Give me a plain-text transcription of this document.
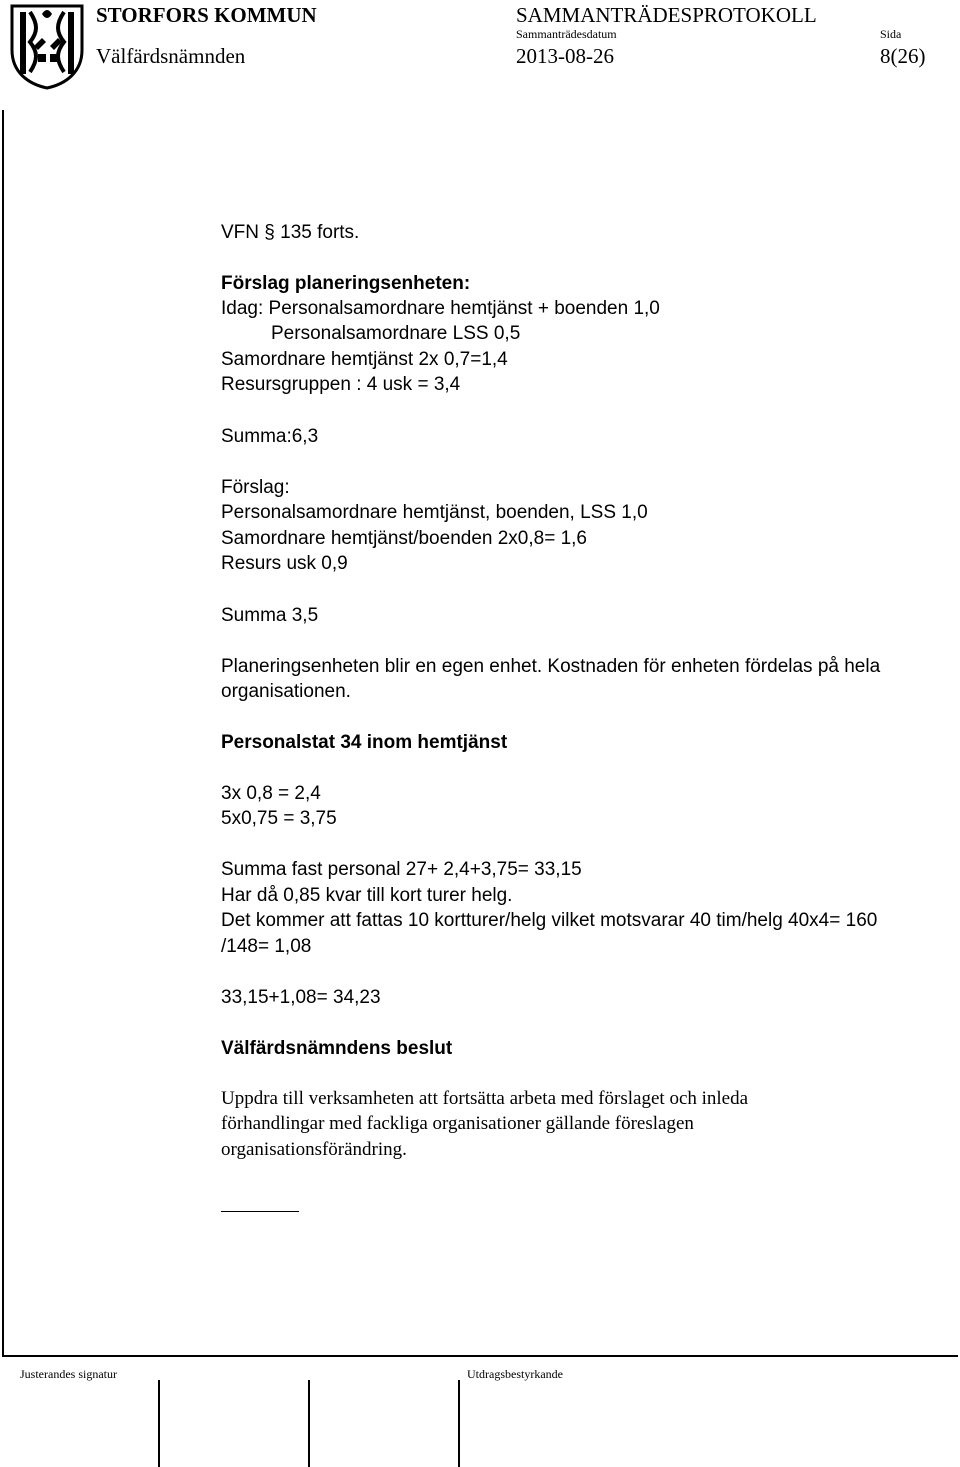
STORFORS KOMMUN
Välfärdsnämnden
SAMMANTRÄDESPROTOKOLL
Sammanträdesdatum
2013-08-26
Sida
8(26)
VFN § 135 forts.
Förslag planeringsenheten:
Idag: Personalsamordnare hemtjänst + boenden 1,0
Personalsamordnare LSS 0,5
Samordnare hemtjänst 2x 0,7=1,4
Resursgruppen : 4 usk = 3,4
Summa:6,3
Förslag:
Personalsamordnare hemtjänst, boenden, LSS 1,0
Samordnare hemtjänst/boenden 2x0,8= 1,6
Resurs usk 0,9
Summa 3,5
Planeringsenheten blir en egen enhet. Kostnaden för enheten fördelas på hela
organisationen.
Personalstat 34 inom hemtjänst
3x 0,8 = 2,4
5x0,75 = 3,75
Summa fast personal 27+ 2,4+3,75= 33,15
Har då 0,85 kvar till kort turer helg.
Det kommer att fattas 10 kortturer/helg vilket motsvarar 40 tim/helg 40x4= 160
/148= 1,08
33,15+1,08= 34,23
Välfärdsnämndens beslut
Uppdra till verksamheten att fortsätta arbeta med förslaget och inleda
förhandlingar med fackliga organisationer gällande föreslagen
organisationsförändring.
Justerandes signatur	Utdragsbestyrkande
